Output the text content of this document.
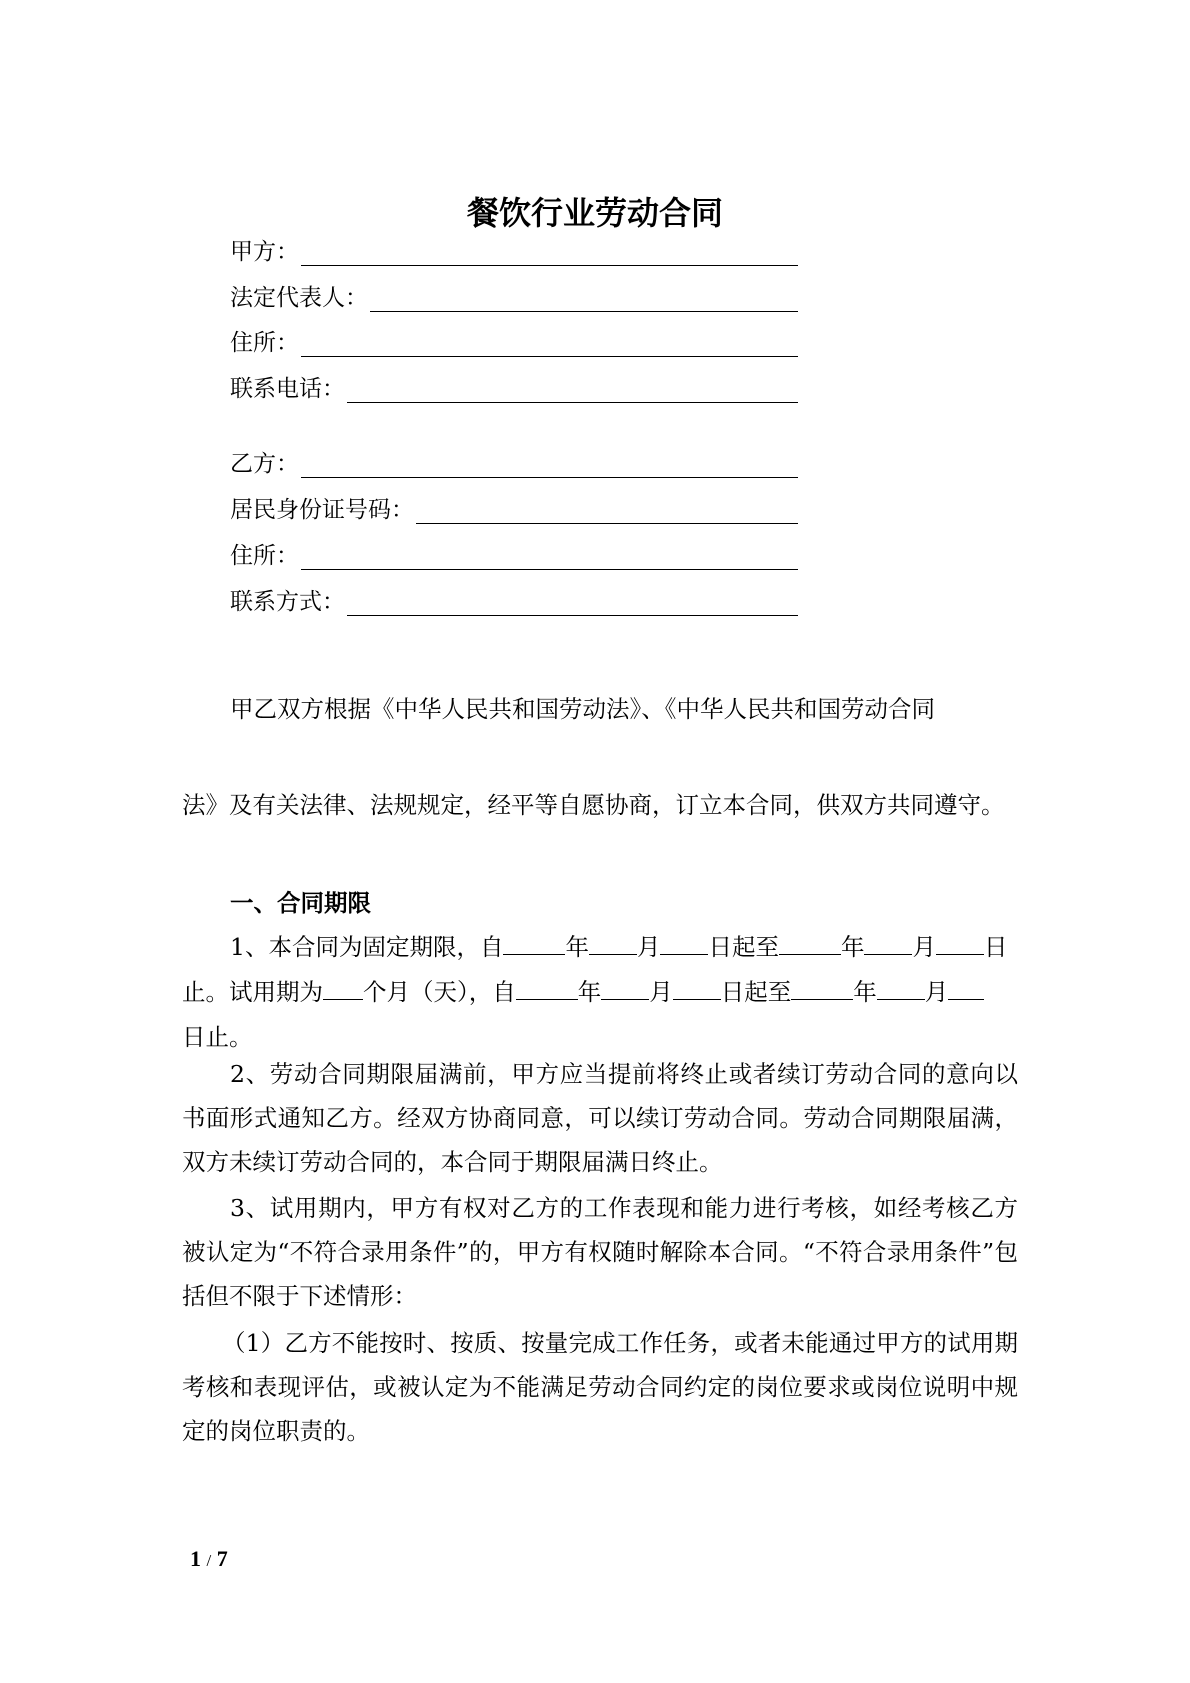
餐饮行业劳动合同
甲方：
法定代表人：
住所：
联系电话：
乙方：
居民身份证号码：
住所：
联系方式：
甲乙双方根据《中华人民共和国劳动法》、《中华人民共和国劳动合同
法》及有关法律、法规规定，经平等自愿协商，订立本合同，供双方共同遵守。
一、合同期限
1、本合同为固定期限，自	年 月 日起至	年 月 日
止。试用期为 个月（天），自	年 月 日起至	年 月
日止。
2、劳动合同期限届满前，甲方应当提前将终止或者续订劳动合同的意向以书面形式通知乙方。经双方协商同意，可以续订劳动合同。劳动合同期限届满，双方未续订劳动合同的，本合同于期限届满日终止。
3、试用期内，甲方有权对乙方的工作表现和能力进行考核，如经考核乙方被认定为“不符合录用条件”的，甲方有权随时解除本合同。“不符合录用条件”包括但不限于下述情形：
（1）乙方不能按时、按质、按量完成工作任务，或者未能通过甲方的试用期考核和表现评估，或被认定为不能满足劳动合同约定的岗位要求或岗位说明中规定的岗位职责的。
1 / 7
